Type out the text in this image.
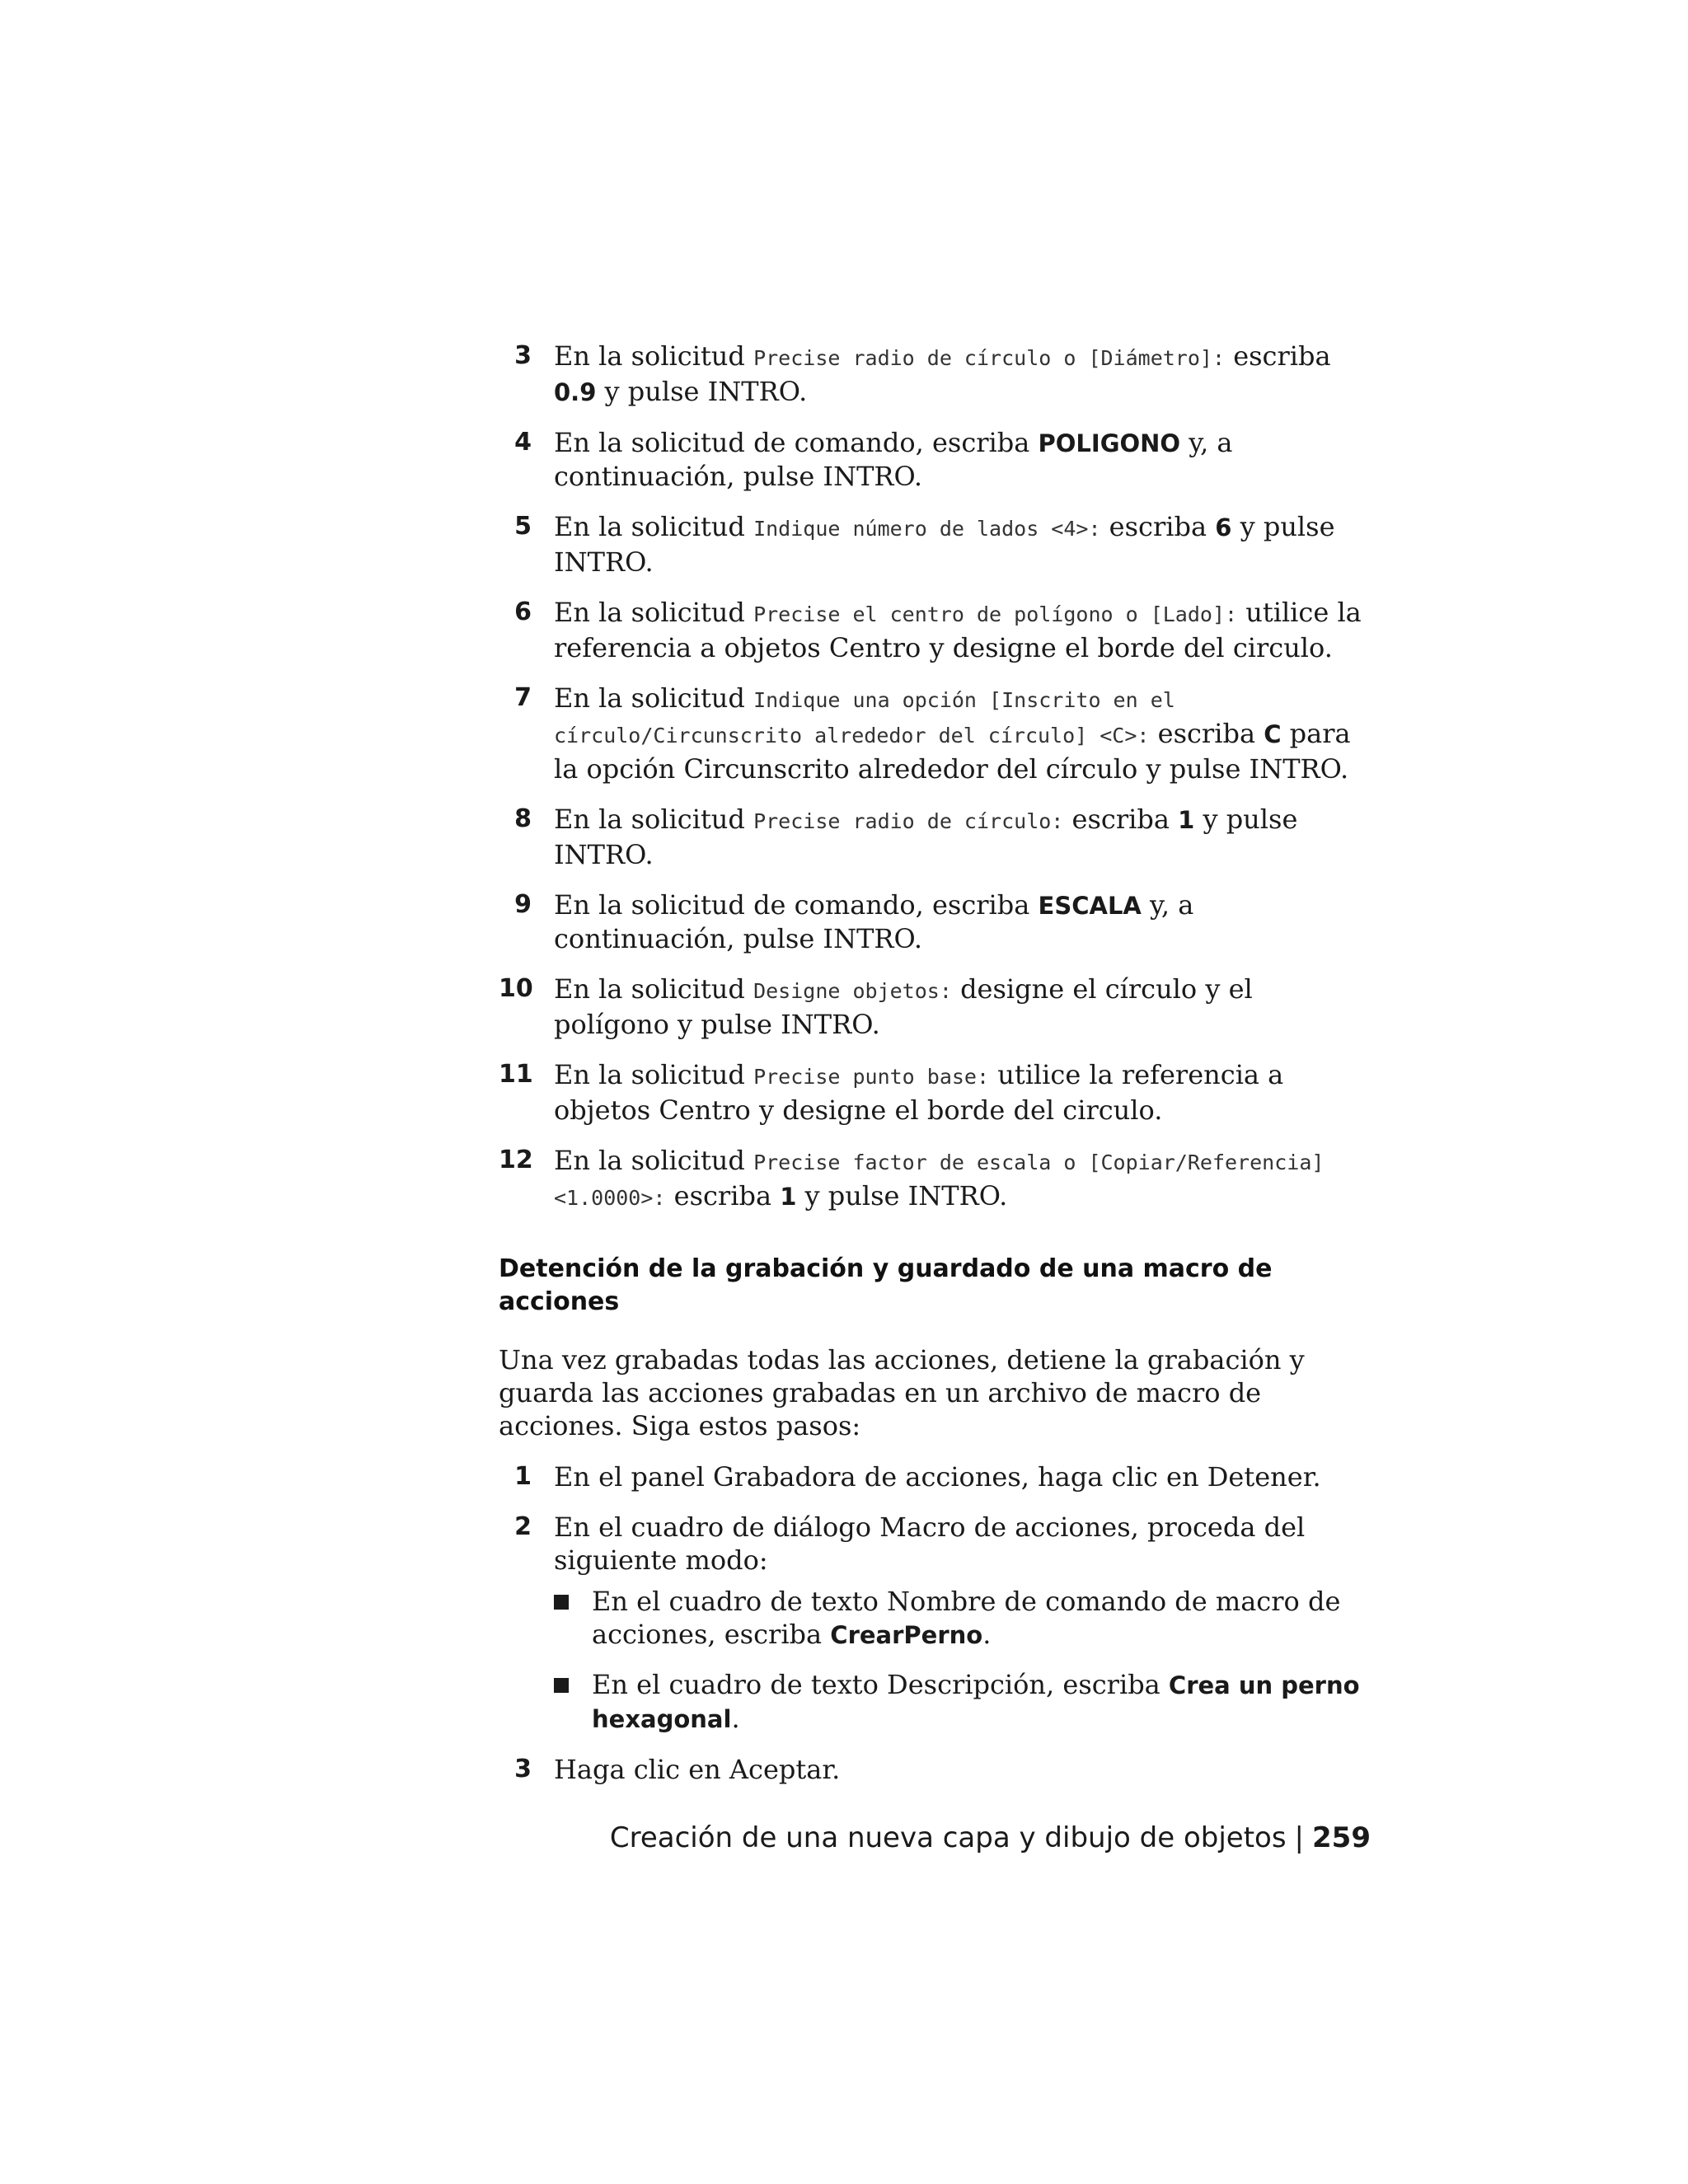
3 En la solicitud Precise radio de círculo o [Diámetro]: escriba 0.9 y pulse INTRO.
4 En la solicitud de comando, escriba POLIGONO y, a continuación, pulse INTRO.
5 En la solicitud Indique número de lados <4>: escriba 6 y pulse INTRO.
6 En la solicitud Precise el centro de polígono o [Lado]: utilice la referencia a objetos Centro y designe el borde del circulo.
7 En la solicitud Indique una opción [Inscrito en el círculo/Circunscrito alrededor del círculo] <C>: escriba C para la opción Circunscrito alrededor del círculo y pulse INTRO.
8 En la solicitud Precise radio de círculo: escriba 1 y pulse INTRO.
9 En la solicitud de comando, escriba ESCALA y, a continuación, pulse INTRO.
10 En la solicitud Designe objetos: designe el círculo y el polígono y pulse INTRO.
11 En la solicitud Precise punto base: utilice la referencia a objetos Centro y designe el borde del circulo.
12 En la solicitud Precise factor de escala o [Copiar/Referencia] <1.0000>: escriba 1 y pulse INTRO.
Detención de la grabación y guardado de una macro de acciones

Una vez grabadas todas las acciones, detiene la grabación y guarda las acciones grabadas en un archivo de macro de acciones. Siga estos pasos:

1 En el panel Grabadora de acciones, haga clic en Detener.
2 En el cuadro de diálogo Macro de acciones, proceda del siguiente modo:
En el cuadro de texto Nombre de comando de macro de acciones, escriba CrearPerno.
En el cuadro de texto Descripción, escriba Crea un perno hexagonal.
3 Haga clic en Aceptar.
Creación de una nueva capa y dibujo de objetos | 259
